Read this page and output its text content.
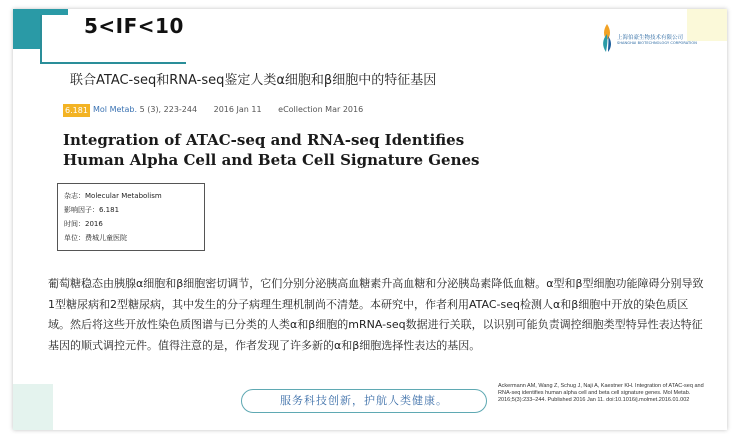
5<IF<10	上海伯豪生物技术有限公司
SHANGHAI BIOTECHNOLOGY CORPORATION
联合ATAC-seq和RNA-seq鉴定人类α细胞和β细胞中的特征基因
6.181 Mol Metab. 5 (3), 223-244 2016 Jan 11 eCollection Mar 2016
Integration of ATAC-seq and RNA-seq Identifies
Human Alpha Cell and Beta Cell Signature Genes
杂志：Molecular Metabolism
影响因子：6.181
时间：2016
单位：费城儿童医院
葡萄糖稳态由胰腺α细胞和β细胞密切调节，它们分别分泌胰高血糖素升高血糖和分泌胰岛素降低血糖。α型和β型细胞功能障碍分别导致1型糖尿病和2型糖尿病，其中发生的分子病理生理机制尚不清楚。本研究中，作者利用ATAC-seq检测人α和β细胞中开放的染色质区域。然后将这些开放性染色质图谱与已分类的人类α和β细胞的mRNA-seq数据进行关联，以识别可能负责调控细胞类型特异性表达特征基因的顺式调控元件。值得注意的是，作者发现了许多新的α和β细胞选择性表达的基因。
Ackermann AM, Wang Z, Schug J, Naji A, Kaestner KH. Integration of ATAC-seq and RNA-seq identifies human alpha cell and beta cell signature genes. Mol Metab. 2016;5(3):233–244. Published 2016 Jan 11. doi:10.1016/j.molmet.2016.01.002
服务科技创新，护航人类健康。
